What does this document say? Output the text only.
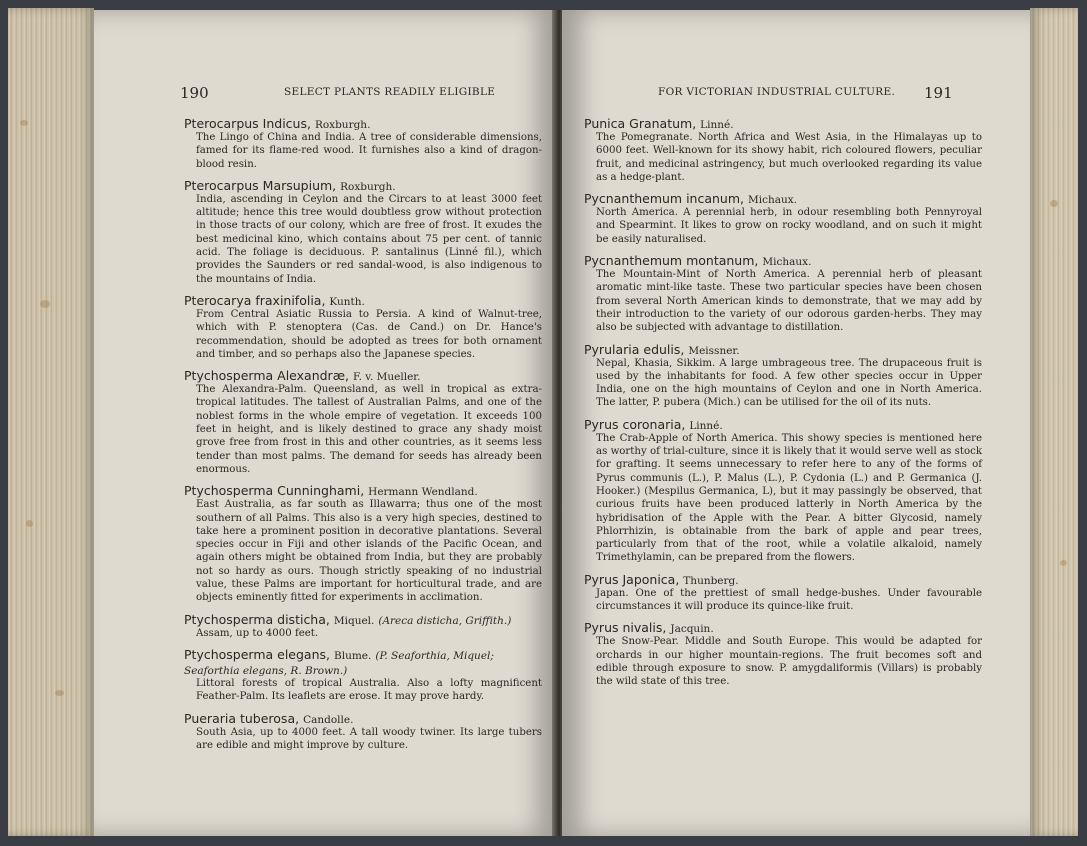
190	SELECT PLANTS READILY ELIGIBLE
Pterocarpus Indicus, Roxburgh.
The Lingo of China and India. A tree of considerable dimensions, famed for its flame-red wood. It furnishes also a kind of dragon-blood resin.
Pterocarpus Marsupium, Roxburgh.
India, ascending in Ceylon and the Circars to at least 3000 feet altitude; hence this tree would doubtless grow without protection in those tracts of our colony, which are free of frost. It exudes the best medicinal kino, which contains about 75 per cent. of tannic acid. The foliage is deciduous. P. santalinus (Linné fil.), which provides the Saunders or red sandal-wood, is also indigenous to the mountains of India.
Pterocarya fraxinifolia, Kunth.
From Central Asiatic Russia to Persia. A kind of Walnut-tree, which with P. stenoptera (Cas. de Cand.) on Dr. Hance's recommendation, should be adopted as trees for both ornament and timber, and so perhaps also the Japanese species.
Ptychosperma Alexandræ, F. v. Mueller.
The Alexandra-Palm. Queensland, as well in tropical as extra-tropical latitudes. The tallest of Australian Palms, and one of the noblest forms in the whole empire of vegetation. It exceeds 100 feet in height, and is likely destined to grace any shady moist grove free from frost in this and other countries, as it seems less tender than most palms. The demand for seeds has already been enormous.
Ptychosperma Cunninghami, Hermann Wendland.
East Australia, as far south as Illawarra; thus one of the most southern of all Palms. This also is a very high species, destined to take here a prominent position in decorative plantations. Several species occur in Fiji and other islands of the Pacific Ocean, and again others might be obtained from India, but they are probably not so hardy as ours. Though strictly speaking of no industrial value, these Palms are important for horticultural trade, and are objects eminently fitted for experiments in acclimation.
Ptychosperma disticha, Miquel. (Areca disticha, Griffith.)
Assam, up to 4000 feet.
Ptychosperma elegans, Blume. (P. Seaforthia, Miquel; Seaforthia elegans, R. Brown.)
Littoral forests of tropical Australia. Also a lofty magnificent Feather-Palm. Its leaflets are erose. It may prove hardy.
Pueraria tuberosa, Candolle.
South Asia, up to 4000 feet. A tall woody twiner. Its large tubers are edible and might improve by culture.
FOR VICTORIAN INDUSTRIAL CULTURE. 191
Punica Granatum, Linné.
The Pomegranate. North Africa and West Asia, in the Himalayas up to 6000 feet. Well-known for its showy habit, rich coloured flowers, peculiar fruit, and medicinal astringency, but much overlooked regarding its value as a hedge-plant.
Pycnanthemum incanum, Michaux.
North America. A perennial herb, in odour resembling both Pennyroyal and Spearmint. It likes to grow on rocky woodland, and on such it might be easily naturalised.
Pycnanthemum montanum, Michaux.
The Mountain-Mint of North America. A perennial herb of pleasant aromatic mint-like taste. These two particular species have been chosen from several North American kinds to demonstrate, that we may add by their introduction to the variety of our odorous garden-herbs. They may also be subjected with advantage to distillation.
Pyrularia edulis, Meissner.
Nepal, Khasia, Sikkim. A large umbrageous tree. The drupaceous fruit is used by the inhabitants for food. A few other species occur in Upper India, one on the high mountains of Ceylon and one in North America. The latter, P. pubera (Mich.) can be utilised for the oil of its nuts.
Pyrus coronaria, Linné.
The Crab-Apple of North America. This showy species is mentioned here as worthy of trial-culture, since it is likely that it would serve well as stock for grafting. It seems unnecessary to refer here to any of the forms of Pyrus communis (L.), P. Malus (L.), P. Cydonia (L.) and P. Germanica (J. Hooker.) (Mespilus Germanica, L), but it may passingly be observed, that curious fruits have been produced latterly in North America by the hybridisation of the Apple with the Pear. A bitter Glycosid, namely Phlorrhizin, is obtainable from the bark of apple and pear trees, particularly from that of the root, while a volatile alkaloid, namely Trimethylamin, can be prepared from the flowers.
Pyrus Japonica, Thunberg.
Japan. One of the prettiest of small hedge-bushes. Under favourable circumstances it will produce its quince-like fruit.
Pyrus nivalis, Jacquin.
The Snow-Pear. Middle and South Europe. This would be adapted for orchards in our higher mountain-regions. The fruit becomes soft and edible through exposure to snow. P. amygdaliformis (Villars) is probably the wild state of this tree.
